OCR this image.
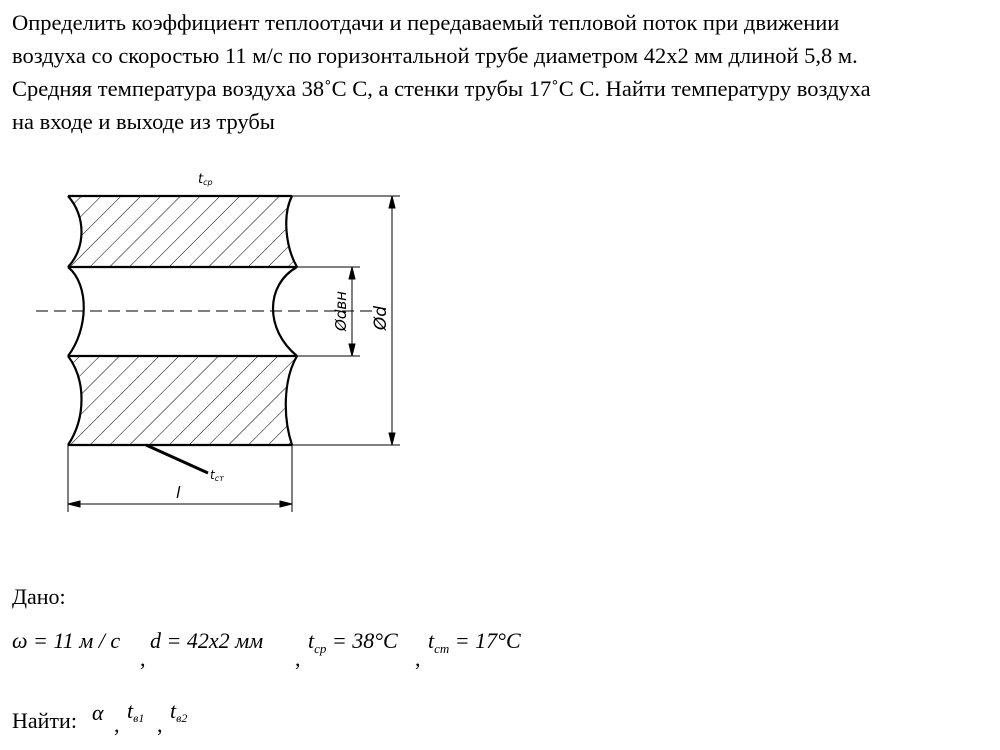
Определить коэффициент теплоотдачи и передаваемый тепловой поток при движении
воздуха со скоростью 11 м/с по горизонтальной трубе диаметром 42х2 мм длиной 5,8 м.
Средняя температура воздуха 38˚С С, а стенки трубы 17˚С С. Найти температуру воздуха
на входе и выходе из трубы
tср
tст
l
Ødвн Ød
Дано:
ω = 11 м / с
,
d = 42x2 мм
,
$t_{ср} = 38^\circ C$
,
$t_{ст} = 17^\circ C$
Найти: α ,
$t_{в1}$ ,
$t_{в2}$
